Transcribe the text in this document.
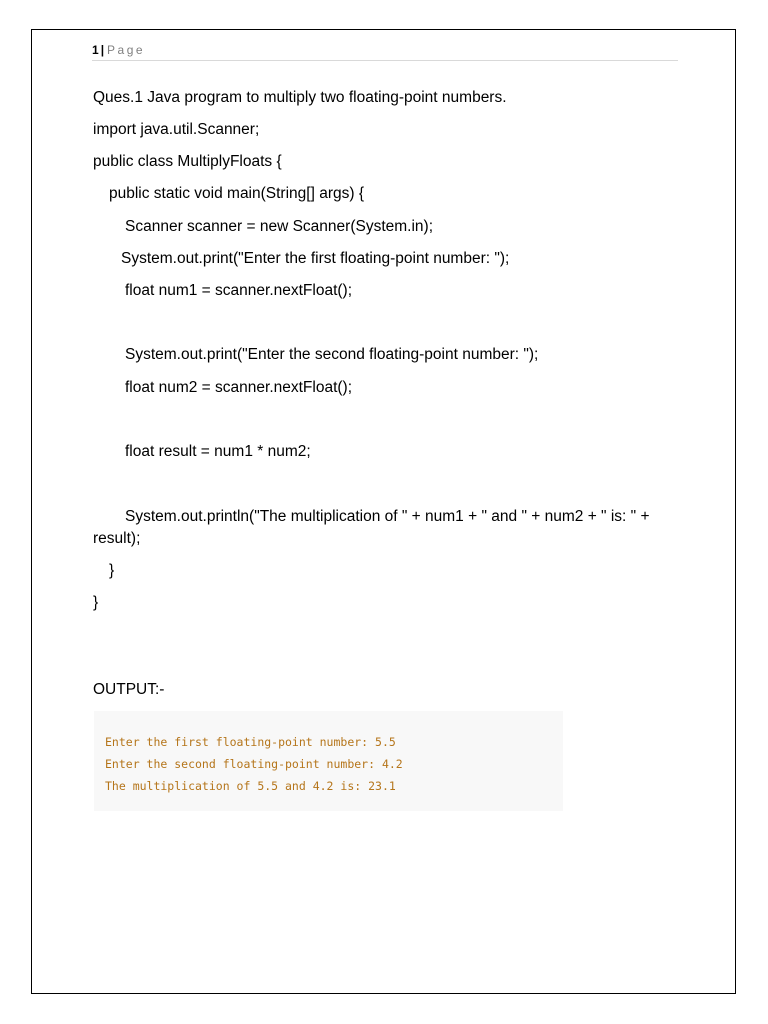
1 | Page
Ques.1 Java program to multiply two floating-point numbers.
import java.util.Scanner;
public class MultiplyFloats {
public static void main(String[] args) {
Scanner scanner = new Scanner(System.in);
System.out.print("Enter the first floating-point number: ");
float num1 = scanner.nextFloat();
System.out.print("Enter the second floating-point number: ");
float num2 = scanner.nextFloat();
float result = num1 * num2;
System.out.println("The multiplication of " + num1 + " and " + num2 + " is: " + result);
}
}
OUTPUT:-
Enter the first floating-point number: 5.5
Enter the second floating-point number: 4.2
The multiplication of 5.5 and 4.2 is: 23.1
